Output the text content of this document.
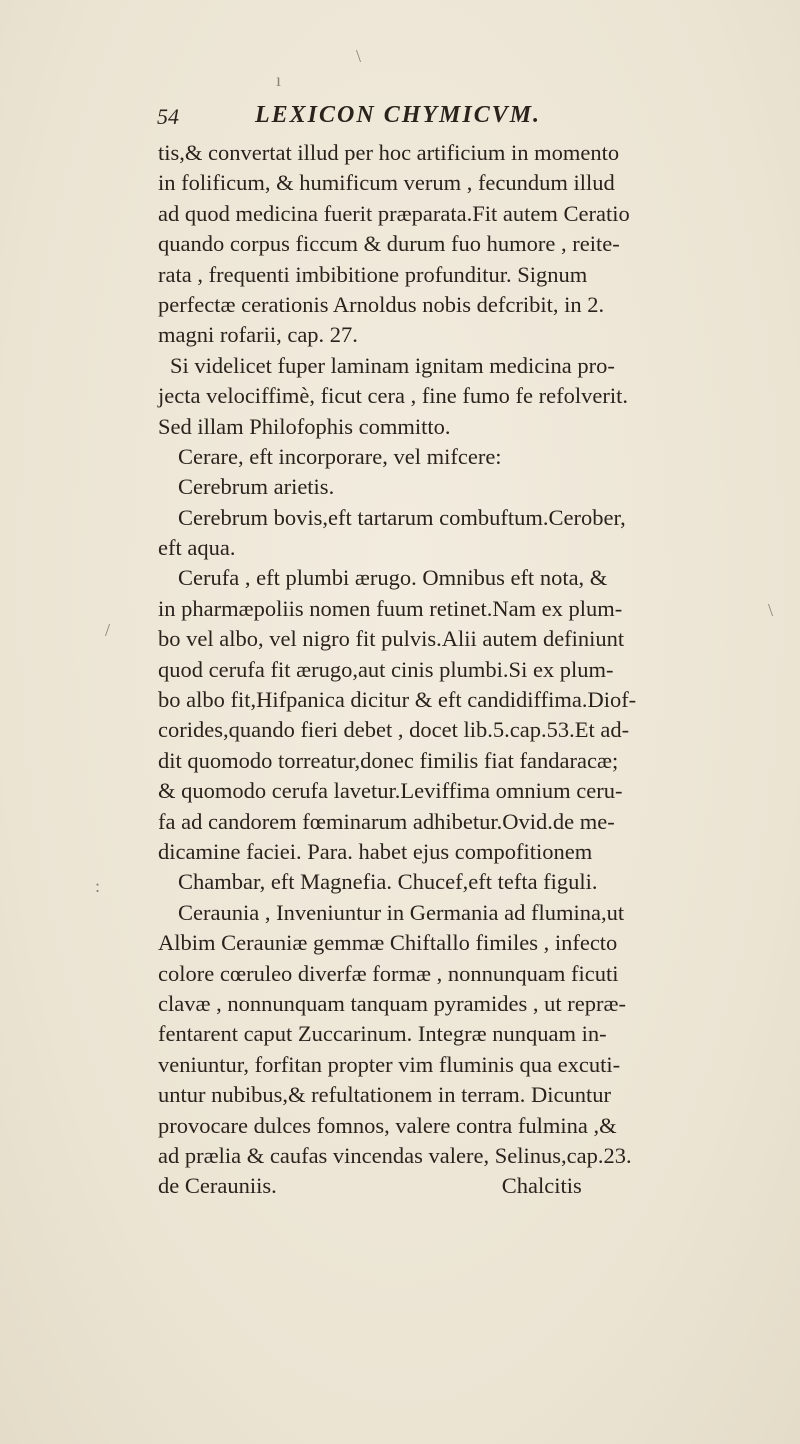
54	LEXICON CHYMICVM.
ı
\
\
:
/
tis,& convertat illud per hoc artificium in momento
in folificum, & humificum verum , fecundum illud
ad quod medicina fuerit præparata.Fit autem Ceratio
quando corpus ficcum & durum fuo humore , reite-
rata , frequenti imbibitione profunditur. Signum
perfectæ cerationis Arnoldus nobis defcribit, in 2.
magni rofarii, cap. 27.
Si videlicet fuper laminam ignitam medicina pro-
jecta velociffimè, ficut cera , fine fumo fe refolverit.
Sed illam Philofophis committo.
Cerare, eft incorporare, vel mifcere:
Cerebrum arietis.
Cerebrum bovis,eft tartarum combuftum.Cerober,
eft aqua.
Cerufa , eft plumbi ærugo. Omnibus eft nota, &
in pharmæpoliis nomen fuum retinet.Nam ex plum-
bo vel albo, vel nigro fit pulvis.Alii autem definiunt
quod cerufa fit ærugo,aut cinis plumbi.Si ex plum-
bo albo fit,Hifpanica dicitur & eft candidiffima.Diof-
corides,quando fieri debet , docet lib.5.cap.53.Et ad-
dit quomodo torreatur,donec fimilis fiat fandaracæ;
& quomodo cerufa lavetur.Leviffima omnium ceru-
fa ad candorem fœminarum adhibetur.Ovid.de me-
dicamine faciei. Para. habet ejus compofitionem
Chambar, eft Magnefia. Chucef,eft tefta figuli.
Ceraunia , Inveniuntur in Germania ad flumina,ut
Albim Cerauniæ gemmæ Chiftallo fimiles , infecto
colore cœruleo diverfæ formæ , nonnunquam ficuti
clavæ , nonnunquam tanquam pyramides , ut repræ-
fentarent caput Zuccarinum. Integræ nunquam in-
veniuntur, forfitan propter vim fluminis qua excuti-
untur nubibus,& refultationem in terram. Dicuntur
provocare dulces fomnos, valere contra fulmina ,&
ad prælia & caufas vincendas valere, Selinus,cap.23.
de Cerauniis.                                        Chalcitis
